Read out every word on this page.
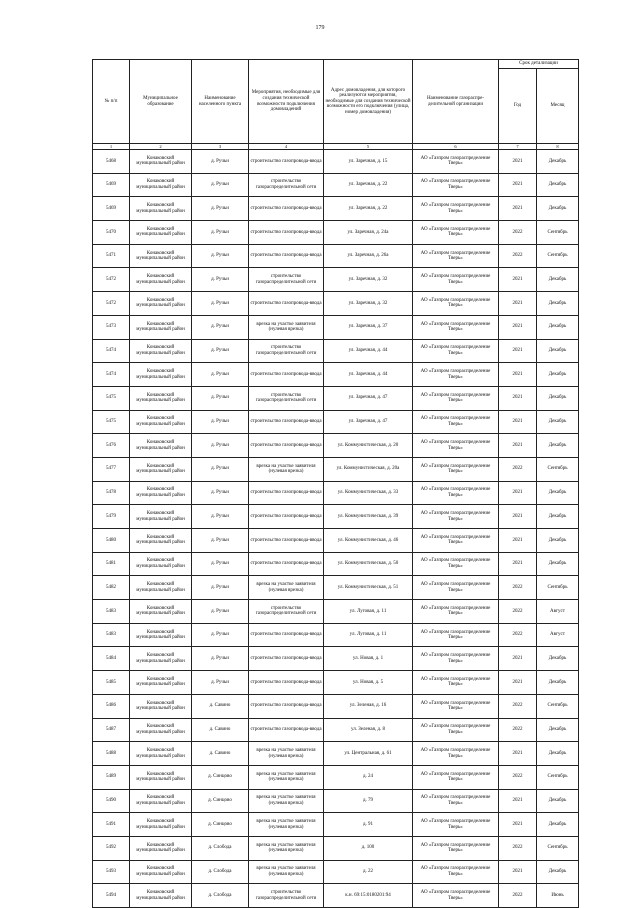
179
№ п/п	Муниципальное образование	Наименование населенного пункта	Мероприятия, необходимые для создания технической возможности подключения домовладений	Адрес домовладения, для которого реализуются мероприятия, необходимые для создания технической возможности его подключения (улица, номер домовладения)	Наименование газораспре-делительной организации	Срок детализации	
						Год	Месяц
1	2	3	4	5	6	7	8
5468	Конаковский муниципальный район	д. Ручьи	строительство газопровода-ввода	ул. Заречная, д. 15	АО «Газпром газораспределение Тверь»	2021	Декабрь
5469	Конаковский муниципальный район	д. Ручьи	строительство газораспределительной сети	ул. Заречная, д. 22	АО «Газпром газораспределение Тверь»	2021	Декабрь
5469	Конаковский муниципальный район	д. Ручьи	строительство газопровода-ввода	ул. Заречная, д. 22	АО «Газпром газораспределение Тверь»	2021	Декабрь
5470	Конаковский муниципальный район	д. Ручьи	строительство газопровода-ввода	ул. Заречная, д. 24а	АО «Газпром газораспределение Тверь»	2022	Сентябрь
5471	Конаковский муниципальный район	д. Ручьи	строительство газопровода-ввода	ул. Заречная, д. 26а	АО «Газпром газораспределение Тверь»	2022	Сентябрь
5472	Конаковский муниципальный район	д. Ручьи	строительство газораспределительной сети	ул. Заречная, д. 32	АО «Газпром газораспределение Тверь»	2021	Декабрь
5472	Конаковский муниципальный район	д. Ручьи	строительство газопровода-ввода	ул. Заречная, д. 32	АО «Газпром газораспределение Тверь»	2021	Декабрь
5473	Конаковский муниципальный район	д. Ручьи	врезка на участке заявителя (нулевая врезка)	ул. Заречная, д. 37	АО «Газпром газораспределение Тверь»	2021	Декабрь
5474	Конаковский муниципальный район	д. Ручьи	строительство газораспределительной сети	ул. Заречная, д. 44	АО «Газпром газораспределение Тверь»	2021	Декабрь
5474	Конаковский муниципальный район	д. Ручьи	строительство газопровода-ввода	ул. Заречная, д. 44	АО «Газпром газораспределение Тверь»	2021	Декабрь
5475	Конаковский муниципальный район	д. Ручьи	строительство газораспределительной сети	ул. Заречная, д. 47	АО «Газпром газораспределение Тверь»	2021	Декабрь
5475	Конаковский муниципальный район	д. Ручьи	строительство газопровода-ввода	ул. Заречная, д. 47	АО «Газпром газораспределение Тверь»	2021	Декабрь
5476	Конаковский муниципальный район	д. Ручьи	строительство газопровода-ввода	ул. Коммунистическая, д. 20	АО «Газпром газораспределение Тверь»	2021	Декабрь
5477	Конаковский муниципальный район	д. Ручьи	врезка на участке заявителя (нулевая врезка)	ул. Коммунистическая, д. 20а	АО «Газпром газораспределение Тверь»	2022	Сентябрь
5478	Конаковский муниципальный район	д. Ручьи	строительство газопровода-ввода	ул. Коммунистическая, д. 33	АО «Газпром газораспределение Тверь»	2021	Декабрь
5479	Конаковский муниципальный район	д. Ручьи	строительство газопровода-ввода	ул. Коммунистическая, д. 39	АО «Газпром газораспределение Тверь»	2021	Декабрь
5480	Конаковский муниципальный район	д. Ручьи	строительство газопровода-ввода	ул. Коммунистическая, д. 46	АО «Газпром газораспределение Тверь»	2021	Декабрь
5481	Конаковский муниципальный район	д. Ручьи	строительство газопровода-ввода	ул. Коммунистическая, д. 50	АО «Газпром газораспределение Тверь»	2021	Декабрь
5482	Конаковский муниципальный район	д. Ручьи	врезка на участке заявителя (нулевая врезка)	ул. Коммунистическая, д. 51	АО «Газпром газораспределение Тверь»	2022	Сентябрь
5483	Конаковский муниципальный район	д. Ручьи	строительство газораспределительной сети	ул. Луговая, д. 11	АО «Газпром газораспределение Тверь»	2022	Август
5483	Конаковский муниципальный район	д. Ручьи	строительство газопровода-ввода	ул. Луговая, д. 11	АО «Газпром газораспределение Тверь»	2022	Август
5484	Конаковский муниципальный район	д. Ручьи	строительство газопровода-ввода	ул. Новая, д. 1	АО «Газпром газораспределение Тверь»	2021	Декабрь
5485	Конаковский муниципальный район	д. Ручьи	строительство газопровода-ввода	ул. Новая, д. 5	АО «Газпром газораспределение Тверь»	2021	Декабрь
5486	Конаковский муниципальный район	д. Савино	строительство газопровода-ввода	ул. Зеленая, д. 16	АО «Газпром газораспределение Тверь»	2022	Сентябрь
5487	Конаковский муниципальный район	д. Савино	строительство газопровода-ввода	ул. Зеленая, д. 8	АО «Газпром газораспределение Тверь»	2022	Декабрь
5488	Конаковский муниципальный район	д. Савино	врезка на участке заявителя (нулевая врезка)	ул. Центральная, д. 61	АО «Газпром газораспределение Тверь»	2021	Декабрь
5489	Конаковский муниципальный район	д. Синцово	врезка на участке заявителя (нулевая врезка)	д. 24	АО «Газпром газораспределение Тверь»	2022	Сентябрь
5490	Конаковский муниципальный район	д. Синцово	врезка на участке заявителя (нулевая врезка)	д. 79	АО «Газпром газораспределение Тверь»	2021	Декабрь
5491	Конаковский муниципальный район	д. Синцово	врезка на участке заявителя (нулевая врезка)	д. 91	АО «Газпром газораспределение Тверь»	2021	Декабрь
5492	Конаковский муниципальный район	д. Слобода	врезка на участке заявителя (нулевая врезка)	д. 100	АО «Газпром газораспределение Тверь»	2022	Сентябрь
5493	Конаковский муниципальный район	д. Слобода	врезка на участке заявителя (нулевая врезка)	д. 22	АО «Газпром газораспределение Тверь»	2021	Декабрь
5494	Конаковский муниципальный район	д. Слобода	строительство газораспределительной сети	к.н. 69:15:0180201:94	АО «Газпром газораспределение Тверь»	2022	Июнь
